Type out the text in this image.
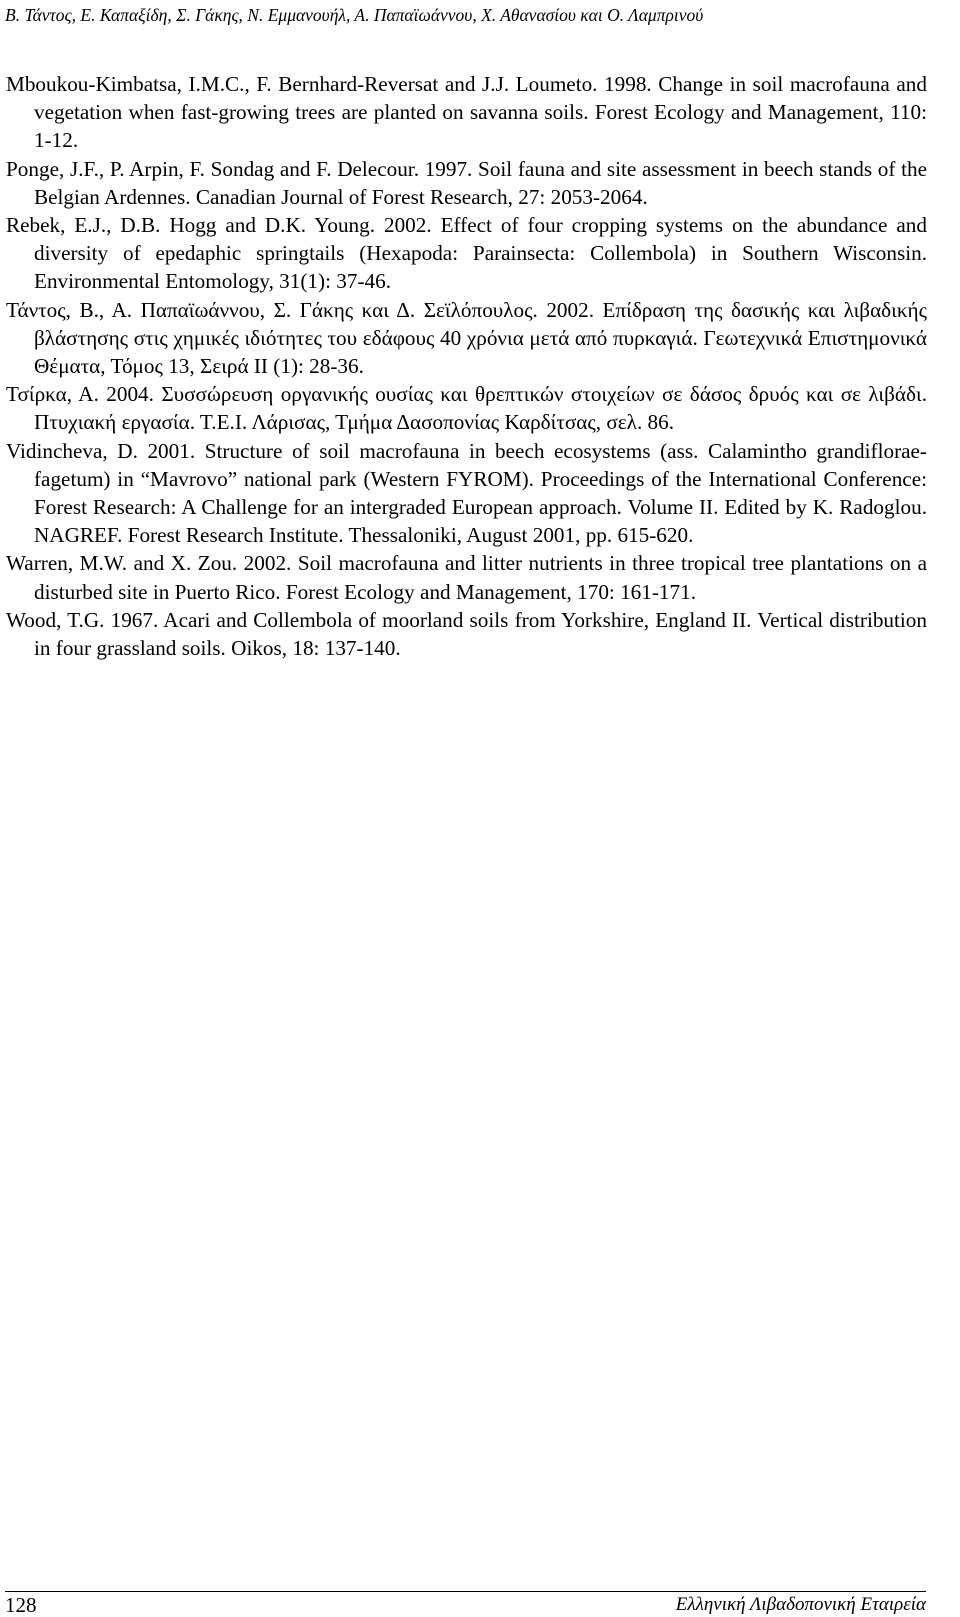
Β. Τάντος, Ε. Καπαξίδη, Σ. Γάκης, Ν. Εμμανουήλ, Α. Παπαϊωάννου, Χ. Αθανασίου και Ο. Λαμπρινού

Mboukou-Kimbatsa, I.M.C., F. Bernhard-Reversat and J.J. Loumeto. 1998. Change in soil macrofauna and vegetation when fast-growing trees are planted on savanna soils. Forest Ecology and Management, 110: 1-12.

Ponge, J.F., P. Arpin, F. Sondag and F. Delecour. 1997. Soil fauna and site assessment in beech stands of the Belgian Ardennes. Canadian Journal of Forest Research, 27: 2053-2064.

Rebek, E.J., D.B. Hogg and D.K. Young. 2002. Effect of four cropping systems on the abundance and diversity of epedaphic springtails (Hexapoda: Parainsecta: Collembola) in Southern Wisconsin. Environmental Entomology, 31(1): 37-46.

Τάντος, Β., Α. Παπαϊωάννου, Σ. Γάκης και Δ. Σεϊλόπουλος. 2002. Επίδραση της δασικής και λιβαδικής βλάστησης στις χημικές ιδιότητες του εδάφους 40 χρόνια μετά από πυρκαγιά. Γεωτεχνικά Επιστημονικά Θέματα, Τόμος 13, Σειρά ΙΙ (1): 28-36.

Τσίρκα, Α. 2004. Συσσώρευση οργανικής ουσίας και θρεπτικών στοιχείων σε δάσος δρυός και σε λιβάδι. Πτυχιακή εργασία. Τ.Ε.Ι. Λάρισας, Τμήμα Δασοπονίας Καρδίτσας, σελ. 86.

Vidincheva, D. 2001. Structure of soil macrofauna in beech ecosystems (ass. Calamintho grandiflorae-fagetum) in “Mavrovo” national park (Western FYROM). Proceedings of the International Conference: Forest Research: A Challenge for an intergraded European approach. Volume II. Edited by K. Radoglou. NAGREF. Forest Research Institute. Thessaloniki, August 2001, pp. 615-620.

Warren, M.W. and X. Zou. 2002. Soil macrofauna and litter nutrients in three tropical tree plantations on a disturbed site in Puerto Rico. Forest Ecology and Management, 170: 161-171.

Wood, T.G. 1967. Acari and Collembola of moorland soils from Yorkshire, England II. Vertical distribution in four grassland soils. Oikos, 18: 137-140.

128	Ελληνική Λιβαδοπονική Εταιρεία
